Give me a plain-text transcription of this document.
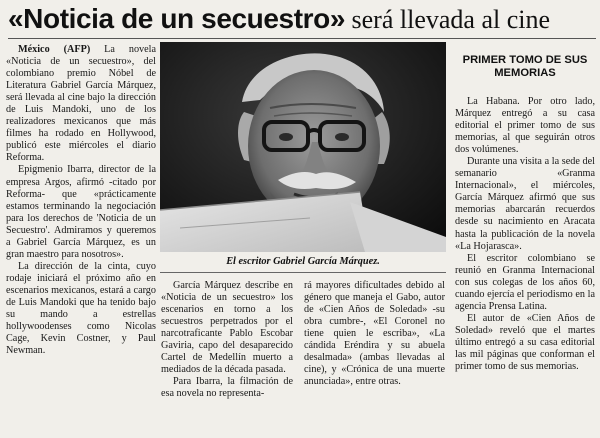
«Noticia de un secuestro» será llevada al cine

México (AFP) La novela «Noticia de un secuestro», del colombiano premio Nóbel de Literatura Gabriel García Márquez, será llevada al cine bajo la dirección de Luis Mandoki, uno de los realizadores mexicanos que más filmes ha rodado en Hollywood, publicó este miércoles el diario Reforma.

Epigmenio Ibarra, director de la empresa Argos, afirmó -citado por Reforma- que «prácticamente estamos terminando la negociación para los derechos de 'Noticia de un Secuestro'. Admiramos y queremos a Gabriel García Márquez, es un gran maestro para nosotros».

La dirección de la cinta, cuyo rodaje iniciará el próximo año en escenarios mexicanos, estará a cargo de Luis Mandoki que ha tenido bajo su mando a estrellas hollywoodenses como Nicolas Cage, Kevin Costner, y Paul Newman.

El escritor Gabriel García Márquez.

García Márquez describe en «Noticia de un secuestro» los escenarios en torno a los secuestros perpetrados por el narcotraficante Pablo Escobar Gaviria, capo del desaparecido Cartel de Medellín muerto a mediados de la década pasada.

Para Ibarra, la filmación de esa novela no representa-

rá mayores dificultades debido al género que maneja el Gabo, autor de «Cien Años de Soledad» -su obra cumbre-, «El Coronel no tiene quien le escriba», «La cándida Eréndira y su abuela desalmada» (ambas llevadas al cine), y «Crónica de una muerte anunciada», entre otras.

PRIMER TOMO DE SUS MEMORIAS

La Habana. Por otro lado, Márquez entregó a su casa editorial el primer tomo de sus memorias, al que seguirán otros dos volúmenes.

Durante una visita a la sede del semanario «Granma Internacional», el miércoles, García Márquez afirmó que sus memorias abarcarán recuerdos desde su nacimiento en Aracata hasta la publicación de la novela «La Hojarasca».

El escritor colombiano se reunió en Granma Internacional con sus colegas de los años 60, cuando ejercía el periodismo en la agencia Prensa Latina.

El autor de «Cien Años de Soledad» reveló que el martes último entregó a su casa editorial las mil páginas que conforman el primer tomo de sus memorias.
